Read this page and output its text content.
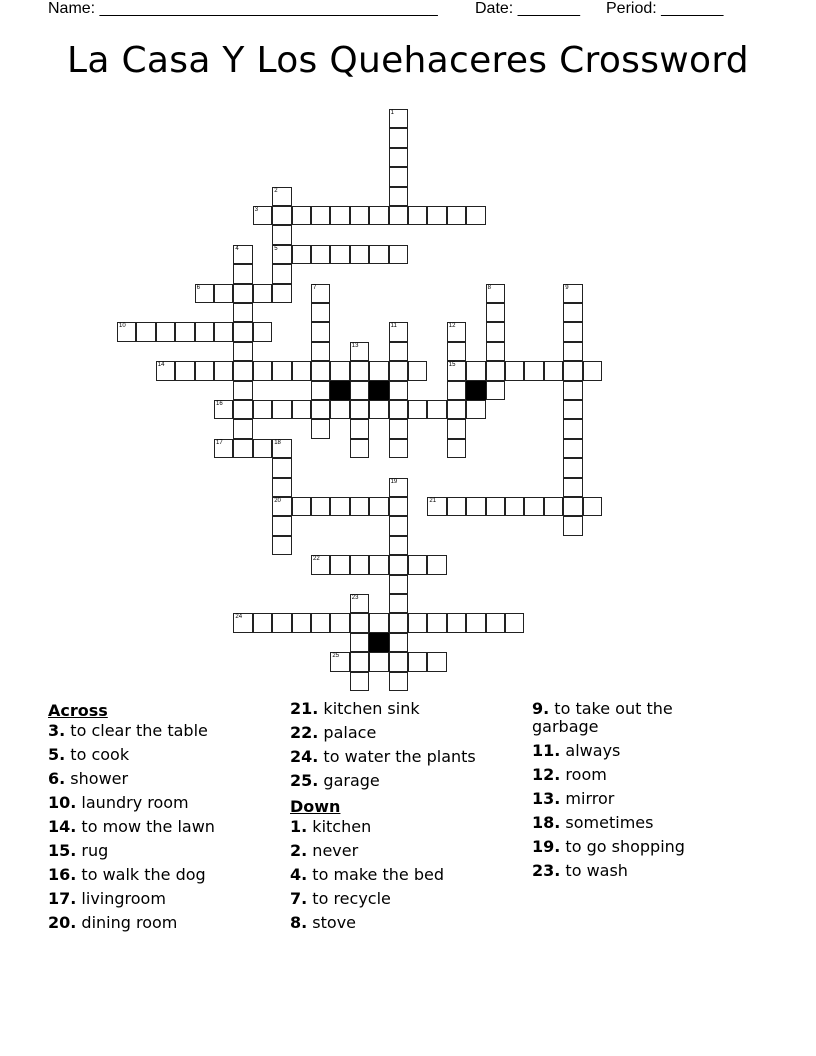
Name: ______________________________________ Date: _______ Period: _______
La Casa Y Los Quehaceres Crossword
1
2
5
3
4
6	7	8	9
10	11	12
15
13
14
16
17	18
20
19
21
22
23
24
25
Across
3. to clear the table
5. to cook
6. shower
10. laundry room
14. to mow the lawn
15. rug
16. to walk the dog
17. livingroom
20. dining room
21. kitchen sink
22. palace
24. to water the plants
25. garage
Down
1. kitchen
2. never
4. to make the bed
7. to recycle
8. stove
9. to take out the garbage
11. always
12. room
13. mirror
18. sometimes
19. to go shopping
23. to wash
